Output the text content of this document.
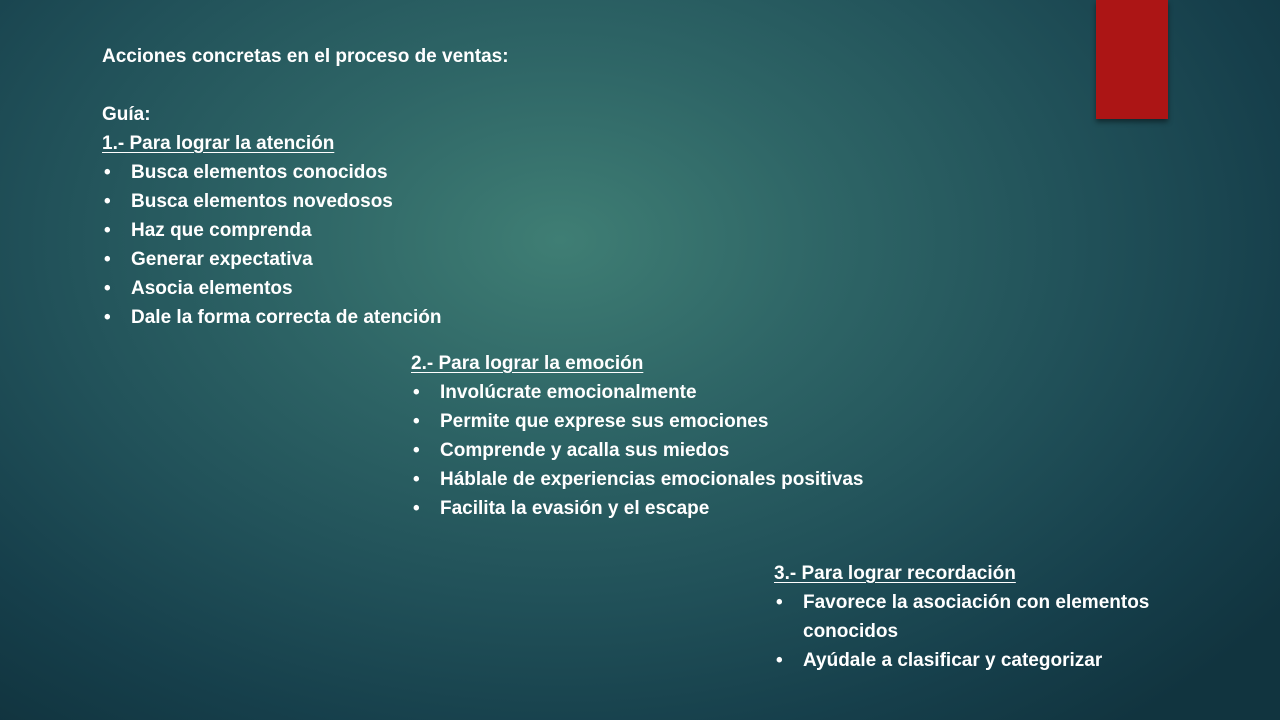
Acciones concretas en el proceso de ventas:
Guía:
1.- Para lograr la atención
• Busca elementos conocidos
• Busca elementos novedosos
• Haz que comprenda
• Generar expectativa
• Asocia elementos
• Dale la forma correcta de atención
2.- Para lograr la emoción
• Involúcrate emocionalmente
• Permite que exprese sus emociones
• Comprende y acalla sus miedos
• Háblale de experiencias emocionales positivas
• Facilita la evasión y el escape
3.- Para lograr recordación
• Favorece la asociación con elementos conocidos
• Ayúdale a clasificar y categorizar
